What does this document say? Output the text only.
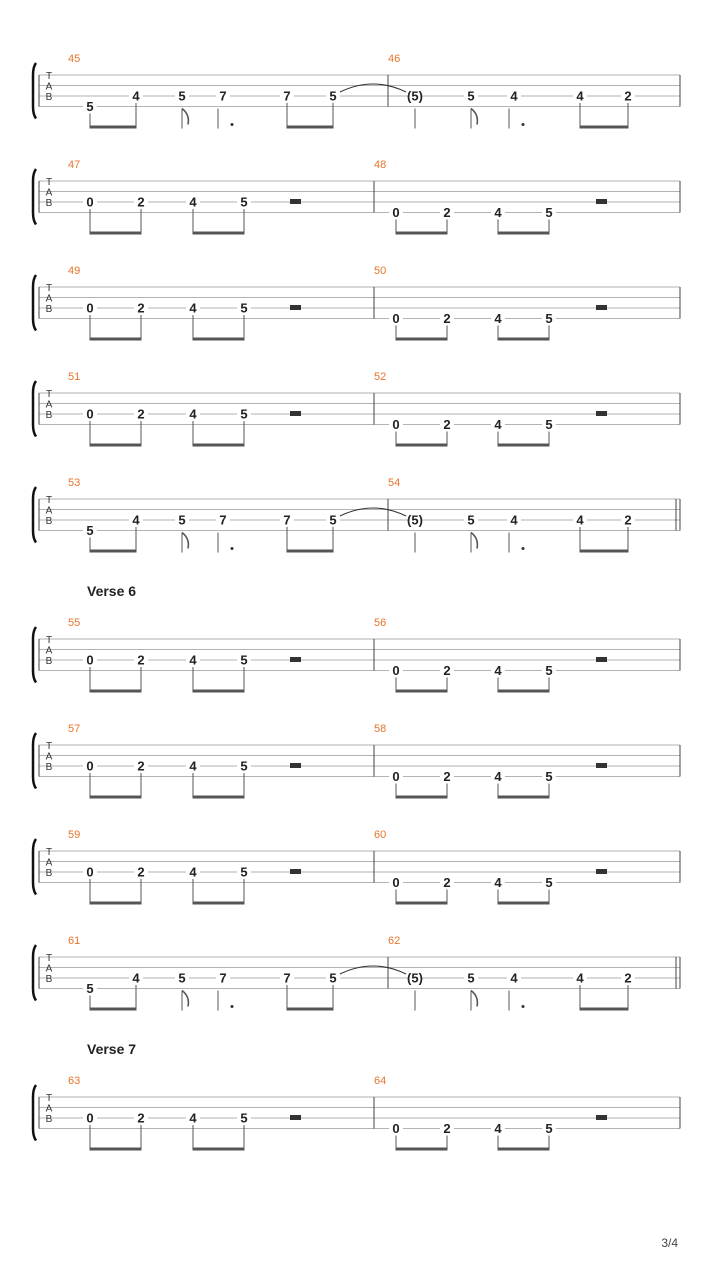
T
A
B
45	46
5
4	5	7	7	5	(5)	5	4	4	2
T
A
B
47	48
0	2	4	5
0	2	4	5
T
A
B
49	50
0	2	4	5
0	2	4	5
T
A
B
51	52
0	2	4	5
0	2	4	5
T
A
B
53	54
5
4	5	7	7	5	(5)	5	4	4	2
T
A
B
55	56
0	2	4	5
0	2	4	5
T
A
B
57	58
0	2	4	5
0	2	4	5
T
A
B
59	60
0	2	4	5
0	2	4	5
T
A
B
61	62
5
4	5	7	7	5	(5)	5	4	4	2
T
A
B
63	64
0	2	4	5
0	2	4	5
Verse 6
Verse 7
3/4
